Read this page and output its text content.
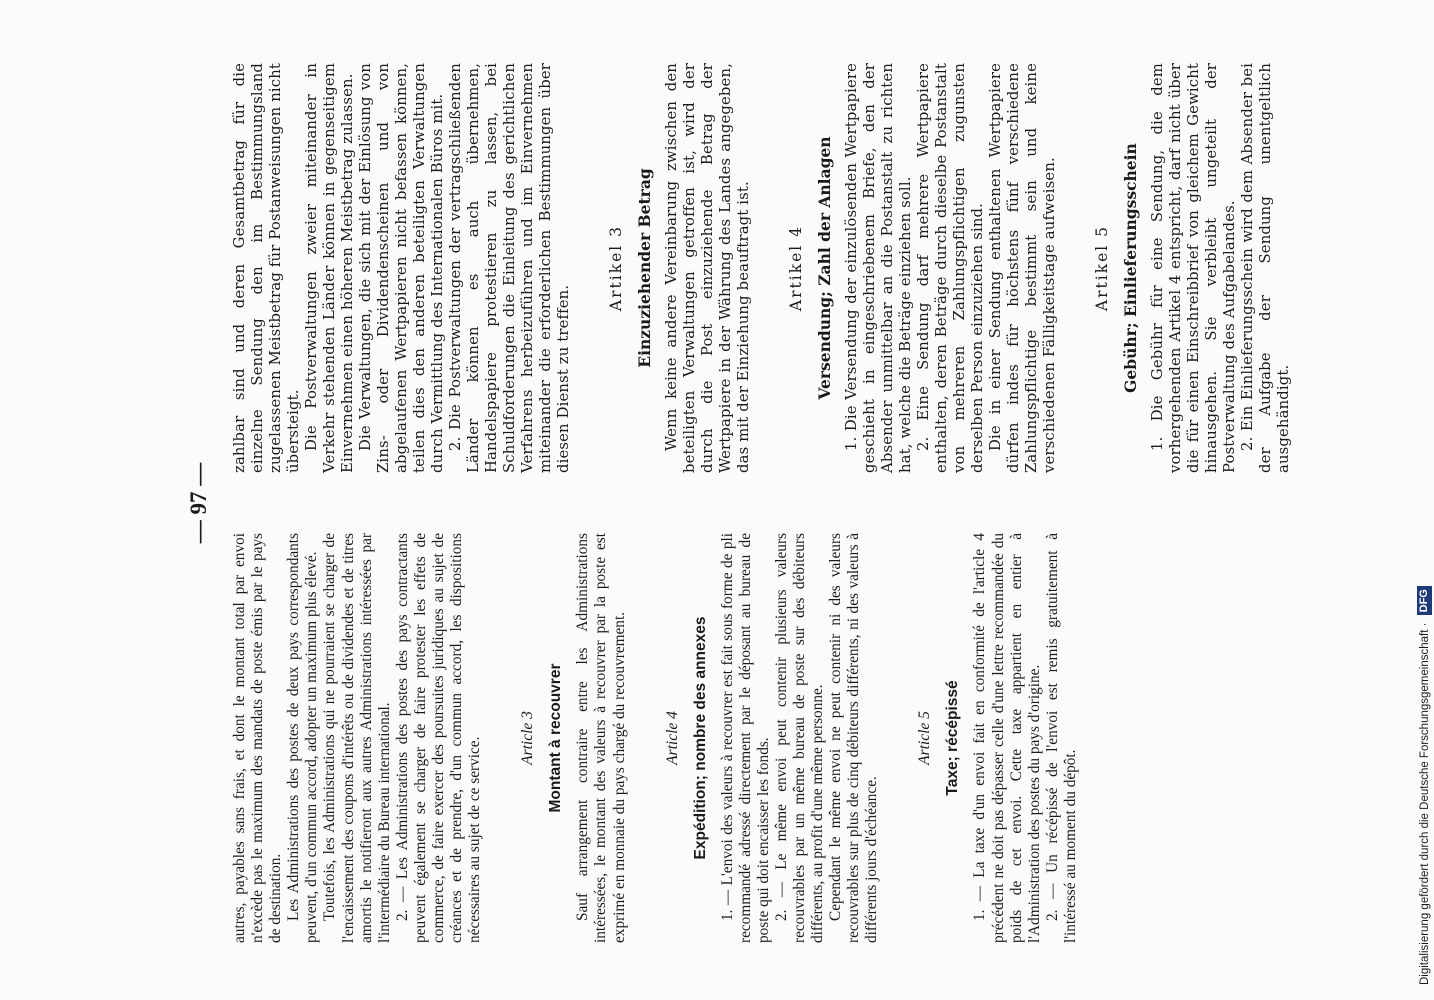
— 97 —

autres, payables sans frais, et dont le montant total par envoi n'excède pas le maximum des mandats de poste émis par le pays de destination. Les Administrations des postes de deux pays correspondants peuvent, d'un commun accord, adopter un maximum plus élevé. Toutefois, les Administrations qui ne pourraient se charger de l'encaissement des coupons d'intérêts ou de dividendes et de titres amortis le notifieront aux autres Administrations intéressées par l'intermédiaire du Bureau international. 2. — Les Administrations des postes des pays contractants peuvent également se charger de faire protester les effets de commerce, de faire exercer des poursuites juridiques au sujet de créances et de prendre, d'un commun accord, les dispositions nécessaires au sujet de ce service. Article 3 Montant à recouvrer Sauf arrangement contraire entre les Administrations intéressées, le montant des valeurs à recouvrer par la poste est exprimé en monnaie du pays chargé du recouvrement. Article 4 Expédition; nombre des annexes 1. — L'envoi des valeurs à recouvrer est fait sous forme de pli recommandé adressé directement par le déposant au bureau de poste qui doit encaisser les fonds. 2. — Le même envoi peut contenir plusieurs valeurs recouvrables par un même bureau de poste sur des débiteurs différents, au profit d'une même personne. Cependant le même envoi ne peut contenir ni des valeurs recouvrables sur plus de cinq débiteurs différents, ni des valeurs à différents jours d'échéance.

Article 5 Taxe; récépissé 1. — La taxe d'un envoi fait en conformité de l'article 4 précédent ne doit pas dépasser celle d'une lettre recommandée du poids de cet envoi. Cette taxe appartient en entier à l'Administration des postes du pays d'origine. 2. — Un récépissé de l'envoi est remis gratuitement à l'intéressé au moment du dépôt.

zahlbar sind und deren Gesamtbetrag für die einzelne Sendung den im Bestimmungsland zugelassenen Meistbetrag für Postanweisungen nicht übersteigt. Die Postverwaltungen zweier miteinander in Verkehr stehenden Länder können in gegenseitigem Einvernehmen einen höheren Meistbetrag zulassen. Die Verwaltungen, die sich mit der Einlösung von Zins- oder Dividendenscheinen und von abgelaufenen Wertpapieren nicht befassen können, teilen dies den anderen beteiligten Verwaltungen durch Vermittlung des Internationalen Büros mit. 2. Die Postverwaltungen der vertragschließenden Länder können es auch übernehmen, Handelspapiere protestieren zu lassen, bei Schuldforderungen die Einleitung des gerichtlichen Verfahrens herbeizuführen und im Einvernehmen miteinander die erforderlichen Bestimmungen über diesen Dienst zu treffen.

Artikel 3 Einzuziehender Betrag Wenn keine andere Vereinbarung zwischen den beteiligten Verwaltungen getroffen ist, wird der durch die Post einzuziehende Betrag der Wertpapiere in der Währung des Landes angegeben, das mit der Einziehung beauftragt ist. Artikel 4 Versendung; Zahl der Anlagen 1. Die Versendung der einzulösenden Wertpapiere geschieht in eingeschriebenem Briefe, den der Absender unmittelbar an die Postanstalt zu richten hat, welche die Beträge einziehen soll. 2. Eine Sendung darf mehrere Wertpapiere enthalten, deren Beträge durch dieselbe Postanstalt von mehreren Zahlungspflichtigen zugunsten derselben Person einzuziehen sind. Die in einer Sendung enthaltenen Wertpapiere dürfen indes für höchstens fünf verschiedene Zahlungspflichtige bestimmt sein und keine verschiedenen Fälligkeitstage aufweisen. Artikel 5 Gebühr; Einlieferungsschein 1. Die Gebühr für eine Sendung, die dem vorhergehenden Artikel 4 entspricht, darf nicht über die für einen Einschreibbrief von gleichem Gewicht hinausgehen. Sie verbleibt ungeteilt der Postverwaltung des Aufgabelandes. 2. Ein Einlieferungsschein wird dem Absender bei der Aufgabe der Sendung unentgeltlich ausgehändigt.

Digitalisierung gefördert durch die Deutsche Forschungsgemeinschaft · DFG
